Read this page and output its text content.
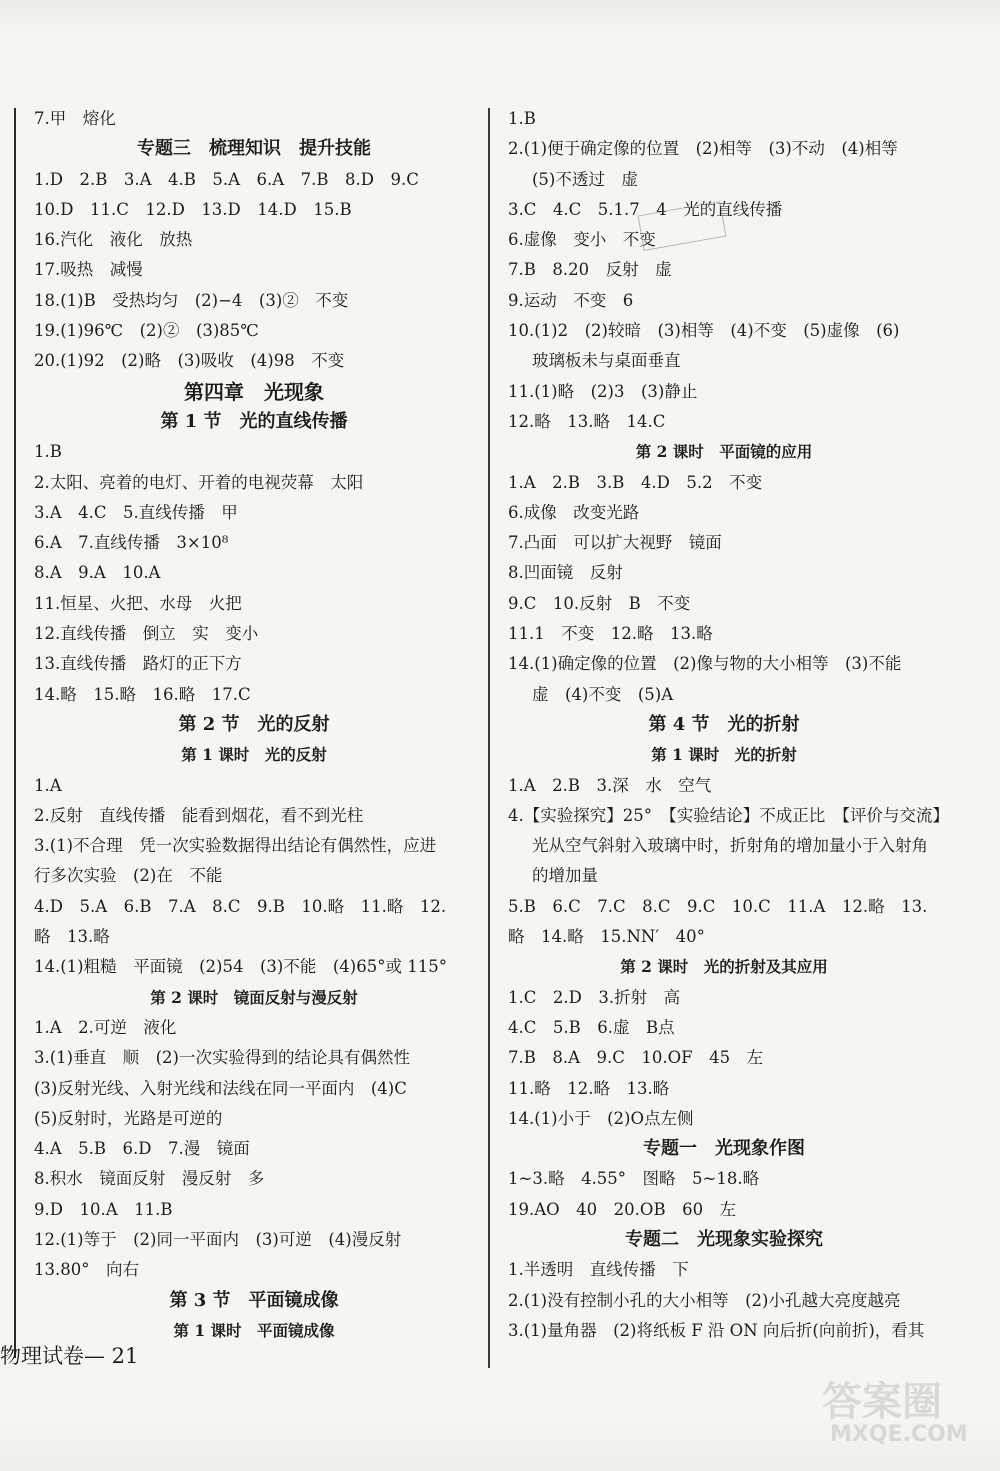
7.甲　熔化
专题三　梳理知识　提升技能
1.D　2.B　3.A　4.B　5.A　6.A　7.B　8.D　9.C
10.D　11.C　12.D　13.D　14.D　15.B
16.汽化　液化　放热
17.吸热　减慢
18.(1)B　受热均匀　(2)−4　(3)②　不变
19.(1)96℃　(2)②　(3)85℃
20.(1)92　(2)略　(3)吸收　(4)98　不变
第四章　光现象
第 1 节　光的直线传播
1.B
2.太阳、亮着的电灯、开着的电视荧幕　太阳
3.A　4.C　5.直线传播　甲
6.A　7.直线传播　3×10⁸
8.A　9.A　10.A
11.恒星、火把、水母　火把
12.直线传播　倒立　实　变小
13.直线传播　路灯的正下方
14.略　15.略　16.略　17.C
第 2 节　光的反射
第 1 课时　光的反射
1.A
2.反射　直线传播　能看到烟花，看不到光柱
3.(1)不合理　凭一次实验数据得出结论有偶然性，应进
行多次实验　(2)在　不能
4.D　5.A　6.B　7.A　8.C　9.B　10.略　11.略　12.
略　13.略
14.(1)粗糙　平面镜　(2)54　(3)不能　(4)65°或 115°
第 2 课时　镜面反射与漫反射
1.A　2.可逆　液化
3.(1)垂直　顺　(2)一次实验得到的结论具有偶然性
(3)反射光线、入射光线和法线在同一平面内　(4)C
(5)反射时，光路是可逆的
4.A　5.B　6.D　7.漫　镜面
8.积水　镜面反射　漫反射　多
9.D　10.A　11.B
12.(1)等于　(2)同一平面内　(3)可逆　(4)漫反射
13.80°　向右
第 3 节　平面镜成像
第 1 课时　平面镜成像
1.B
2.(1)便于确定像的位置　(2)相等　(3)不动　(4)相等
(5)不透过　虚
3.C　4.C　5.1.7　4　光的直线传播
6.虚像　变小　不变
7.B　8.20　反射　虚
9.运动　不变　6
10.(1)2　(2)较暗　(3)相等　(4)不变　(5)虚像　(6)
玻璃板未与桌面垂直
11.(1)略　(2)3　(3)静止
12.略　13.略　14.C
第 2 课时　平面镜的应用
1.A　2.B　3.B　4.D　5.2　不变
6.成像　改变光路
7.凸面　可以扩大视野　镜面
8.凹面镜　反射
9.C　10.反射　B　不变
11.1　不变　12.略　13.略
14.(1)确定像的位置　(2)像与物的大小相等　(3)不能
虚　(4)不变　(5)A
第 4 节　光的折射
第 1 课时　光的折射
1.A　2.B　3.深　水　空气
4.【实验探究】25°　【实验结论】不成正比　【评价与交流】
光从空气斜射入玻璃中时，折射角的增加量小于入射角
的增加量
5.B　6.C　7.C　8.C　9.C　10.C　11.A　12.略　13.
略　14.略　15.NN′　40°
第 2 课时　光的折射及其应用
1.C　2.D　3.折射　高
4.C　5.B　6.虚　B点
7.B　8.A　9.C　10.OF　45　左
11.略　12.略　13.略
14.(1)小于　(2)O点左侧
专题一　光现象作图
1~3.略　4.55°　图略　5~18.略
19.AO　40　20.OB　60　左
专题二　光现象实验探究
1.半透明　直线传播　下
2.(1)没有控制小孔的大小相等　(2)小孔越大亮度越亮
3.(1)量角器　(2)将纸板 F 沿 ON 向后折(向前折)，看其
物理试卷— 21
答案圈
MXQE.COM
